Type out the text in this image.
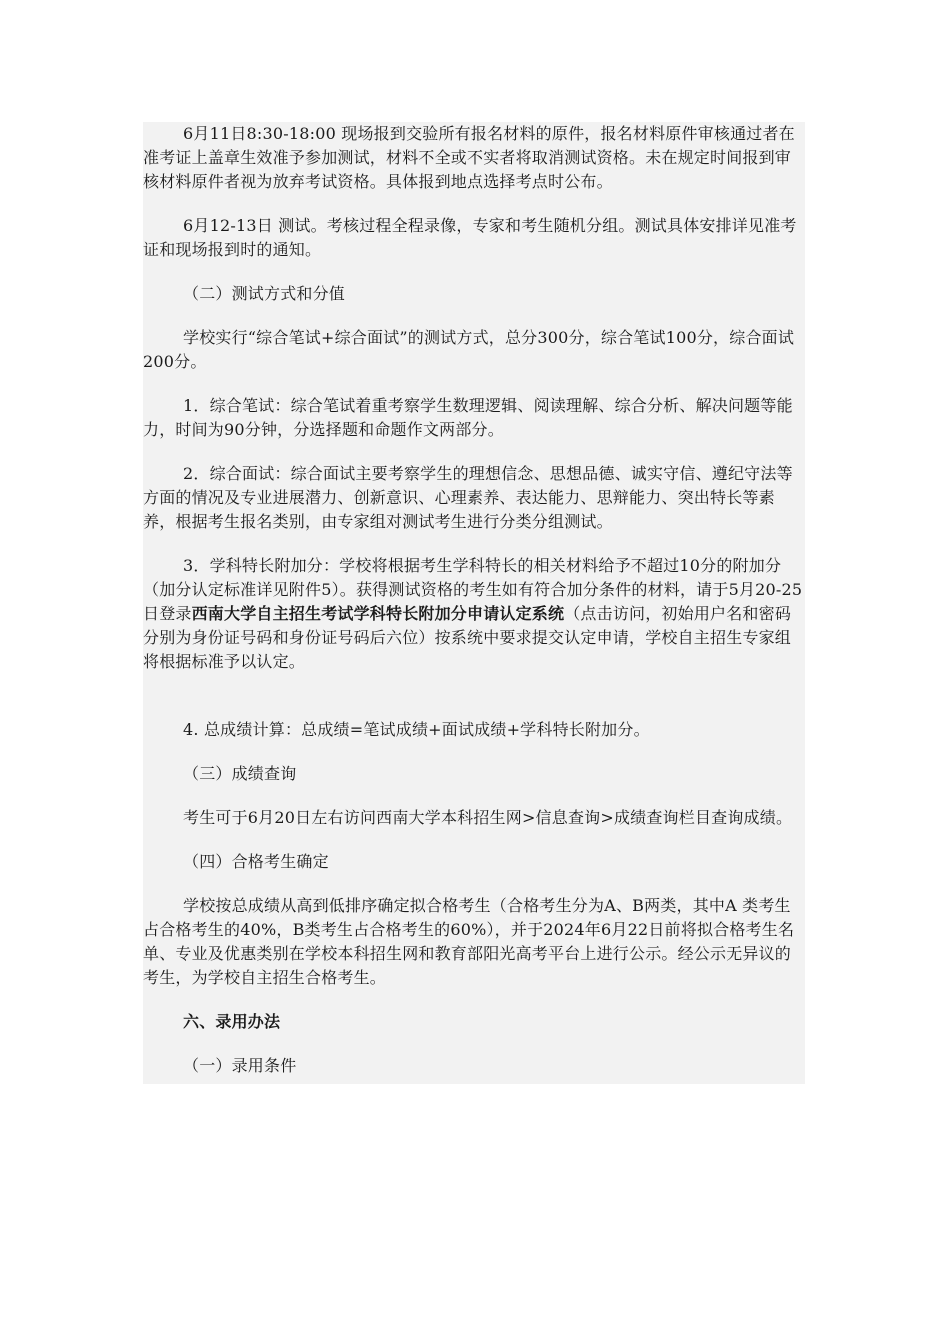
6月11日8:30-18:00 现场报到交验所有报名材料的原件，报名材料原件审核通过者在准考证上盖章生效准予参加测试，材料不全或不实者将取消测试资格。未在规定时间报到审核材料原件者视为放弃考试资格。具体报到地点选择考点时公布。

6月12-13日 测试。考核过程全程录像，专家和考生随机分组。测试具体安排详见准考证和现场报到时的通知。

（二）测试方式和分值

学校实行“综合笔试+综合面试”的测试方式，总分300分，综合笔试100分，综合面试200分。

1．综合笔试：综合笔试着重考察学生数理逻辑、阅读理解、综合分析、解决问题等能力，时间为90分钟，分选择题和命题作文两部分。

2．综合面试：综合面试主要考察学生的理想信念、思想品德、诚实守信、遵纪守法等方面的情况及专业进展潜力、创新意识、心理素养、表达能力、思辩能力、突出特长等素养，根据考生报名类别，由专家组对测试考生进行分类分组测试。

3．学科特长附加分：学校将根据考生学科特长的相关材料给予不超过10分的附加分（加分认定标准详见附件5）。获得测试资格的考生如有符合加分条件的材料，请于5月20-25日登录西南大学自主招生考试学科特长附加分申请认定系统（点击访问，初始用户名和密码分别为身份证号码和身份证号码后六位）按系统中要求提交认定申请，学校自主招生专家组将根据标准予以认定。

4. 总成绩计算：总成绩=笔试成绩+面试成绩+学科特长附加分。

（三）成绩查询

考生可于6月20日左右访问西南大学本科招生网>信息查询>成绩查询栏目查询成绩。

（四）合格考生确定

学校按总成绩从高到低排序确定拟合格考生（合格考生分为A、B两类，其中A 类考生占合格考生的40%，B类考生占合格考生的60%），并于2024年6月22日前将拟合格考生名单、专业及优惠类别在学校本科招生网和教育部阳光高考平台上进行公示。经公示无异议的考生，为学校自主招生合格考生。

六、录用办法

（一）录用条件
